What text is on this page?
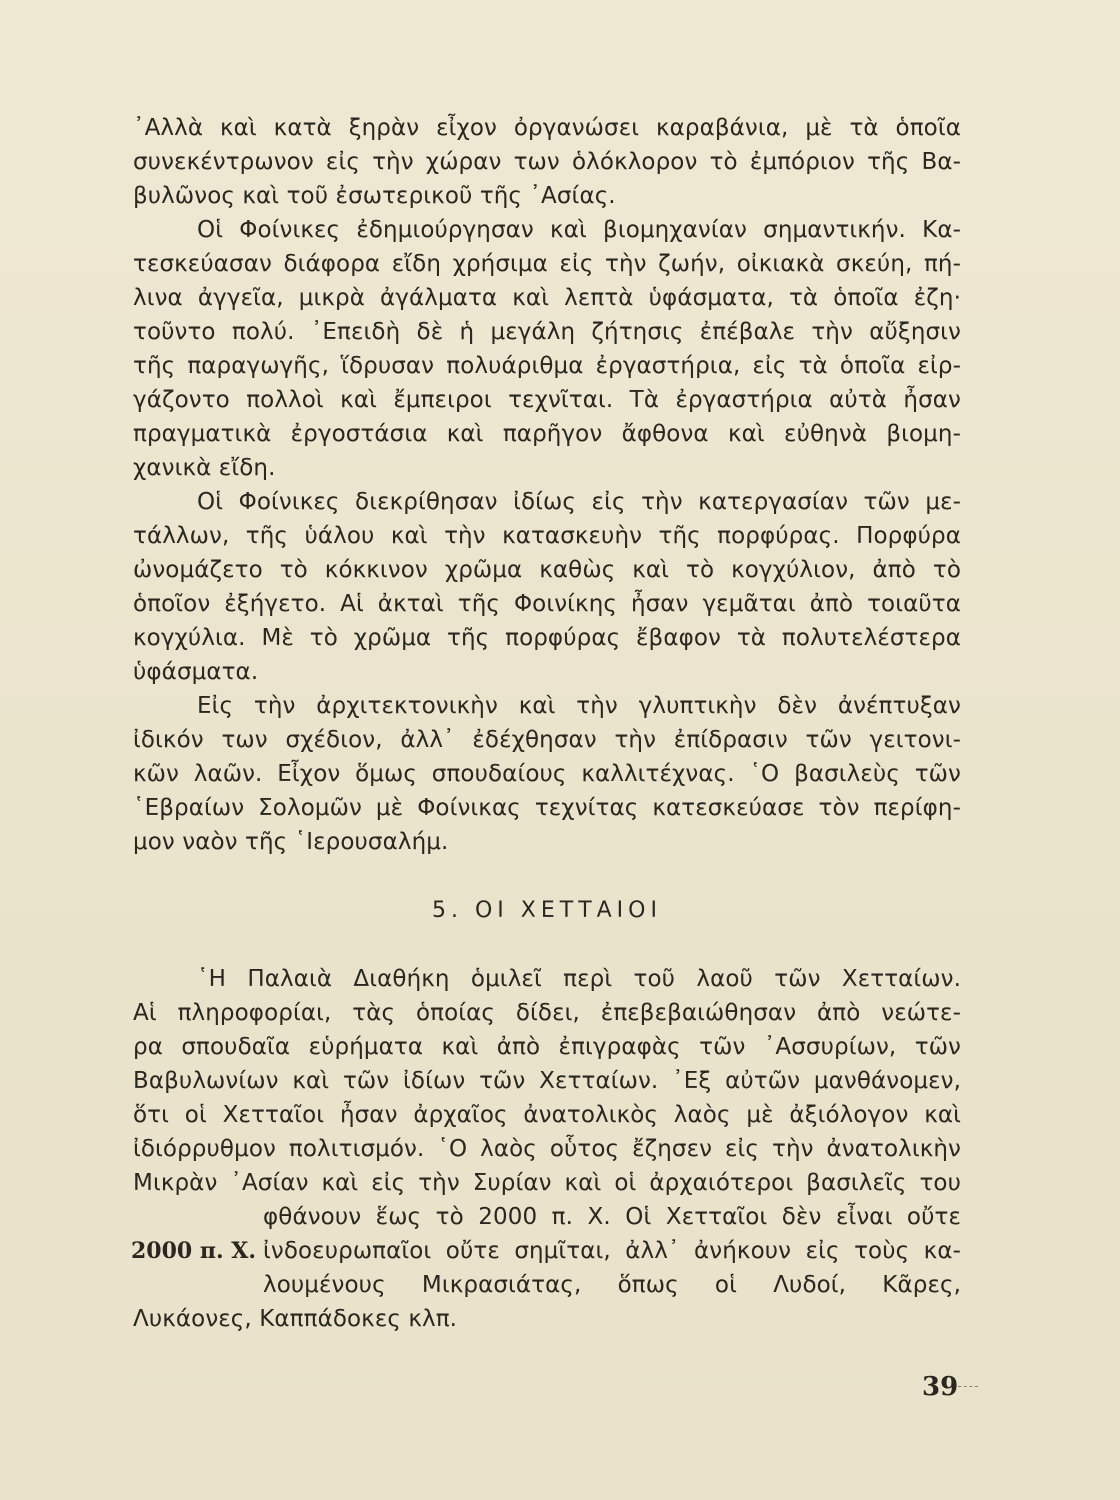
᾿Αλλὰ καὶ κατὰ ξηρὰν εἶχον ὀργανώσει καραβάνια, μὲ τὰ ὁποῖα
συνεκέντρωνον εἰς τὴν χώραν των ὁλόκλορον τὸ ἐμπόριον τῆς Βα-
βυλῶνος καὶ τοῦ ἐσωτερικοῦ τῆς ᾿Ασίας.
Οἱ Φοίνικες ἐδημιούργησαν καὶ βιομηχανίαν σημαντικήν. Κα-
τεσκεύασαν διάφορα εἴδη χρήσιμα εἰς τὴν ζωήν, οἰκιακὰ σκεύη, πή-
λινα ἀγγεῖα, μικρὰ ἀγάλματα καὶ λεπτὰ ὑφάσματα, τὰ ὁποῖα ἐζη·
τοῦντο πολύ. ᾿Επειδὴ δὲ ἡ μεγάλη ζήτησις ἐπέβαλε τὴν αὔξησιν
τῆς παραγωγῆς, ἵδρυσαν πολυάριθμα ἐργαστήρια, εἰς τὰ ὁποῖα εἰρ-
γάζοντο πολλοὶ καὶ ἔμπειροι τεχνῖται. Τὰ ἐργαστήρια αὐτὰ ἦσαν
πραγματικὰ ἐργοστάσια καὶ παρῆγον ἄφθονα καὶ εὐθηνὰ βιομη-
χανικὰ εἴδη.
Οἱ Φοίνικες διεκρίθησαν ἰδίως εἰς τὴν κατεργασίαν τῶν με-
τάλλων, τῆς ὑάλου καὶ τὴν κατασκευὴν τῆς πορφύρας. Πορφύρα
ὠνομάζετο τὸ κόκκινον χρῶμα καθὼς καὶ τὸ κογχύλιον, ἀπὸ τὸ
ὁποῖον ἐξήγετο. Αἱ ἀκταὶ τῆς Φοινίκης ἦσαν γεμᾶται ἀπὸ τοιαῦτα
κογχύλια. Μὲ τὸ χρῶμα τῆς πορφύρας ἔβαφον τὰ πολυτελέστερα
ὑφάσματα.
Εἰς τὴν ἀρχιτεκτονικὴν καὶ τὴν γλυπτικὴν δὲν ἀνέπτυξαν
ἰδικόν των σχέδιον, ἀλλ᾿ ἐδέχθησαν τὴν ἐπίδρασιν τῶν γειτονι-
κῶν λαῶν. Εἶχον ὅμως σπουδαίους καλλιτέχνας. ῾Ο βασιλεὺς τῶν
῾Εβραίων Σολομῶν μὲ Φοίνικας τεχνίτας κατεσκεύασε τὸν περίφη-
μον ναὸν τῆς ῾Ιερουσαλήμ.
5. ΟΙ ΧΕΤΤΑΙΟΙ
῾Η Παλαιὰ Διαθήκη ὁμιλεῖ περὶ τοῦ λαοῦ τῶν Χετταίων.
Αἱ πληροφορίαι, τὰς ὁποίας δίδει, ἐπεβεβαιώθησαν ἀπὸ νεώτε-
ρα σπουδαῖα εὑρήματα καὶ ἀπὸ ἐπιγραφὰς τῶν ᾿Ασσυρίων, τῶν
Βαβυλωνίων καὶ τῶν ἰδίων τῶν Χετταίων. ᾿Εξ αὐτῶν μανθάνομεν,
ὅτι οἱ Χετταῖοι ἦσαν ἀρχαῖος ἀνατολικὸς λαὸς μὲ ἀξιόλογον καὶ
ἰδιόρρυθμον πολιτισμόν. ῾Ο λαὸς οὗτος ἔζησεν εἰς τὴν ἀνατολικὴν
Μικρὰν ᾿Ασίαν καὶ εἰς τὴν Συρίαν καὶ οἱ ἀρχαιότεροι βασιλεῖς του
φθάνουν ἕως τὸ 2000 π. Χ. Οἱ Χετταῖοι δὲν εἶναι οὔτε
2000 π. Χ. ἰνδοευρωπαῖοι οὔτε σημῖται, ἀλλ᾿ ἀνήκουν εἰς τοὺς κα-
λουμένους Μικρασιάτας, ὅπως οἱ Λυδοί, Κᾶρες,
Λυκάονες, Καππάδοκες κλπ.
39
